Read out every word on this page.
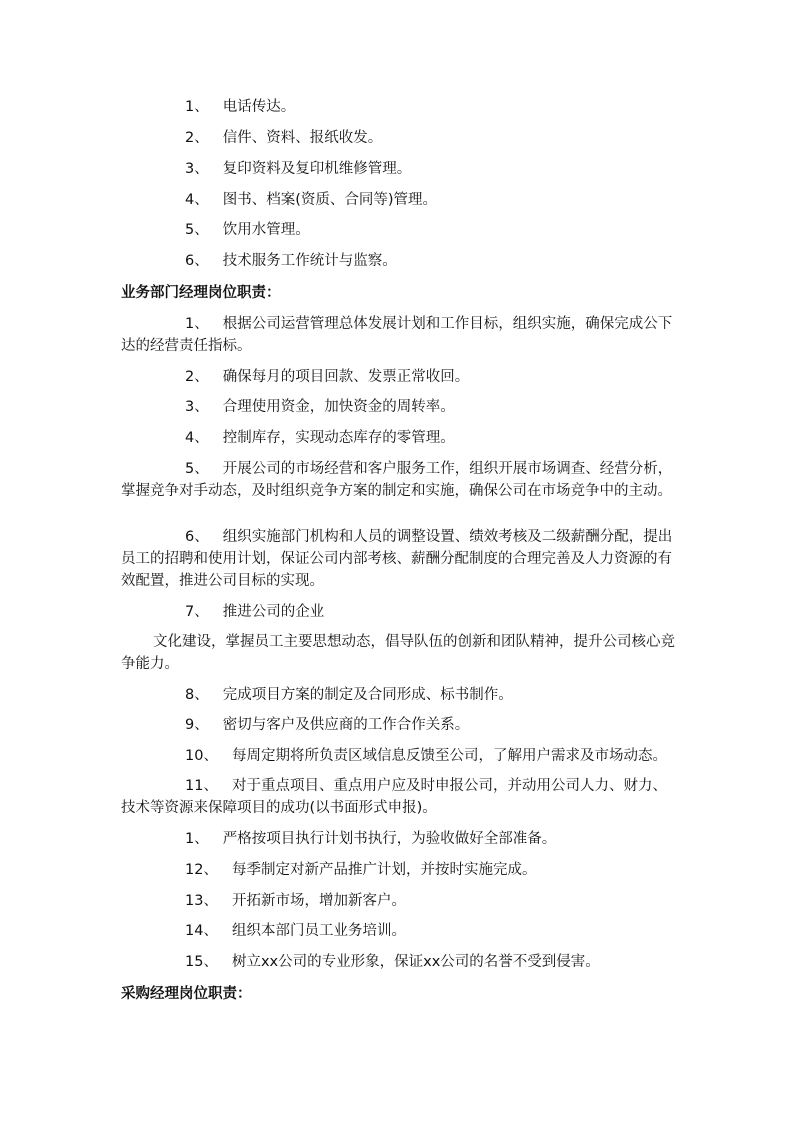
1、 电话传达。

2、 信件、资料、报纸收发。

3、 复印资料及复印机维修管理。

4、 图书、档案(资质、合同等)管理。

5、 饮用水管理。

6、 技术服务工作统计与监察。

业务部门经理岗位职责：

1、 根据公司运营管理总体发展计划和工作目标，组织实施，确保完成公下达的经营责任指标。

2、 确保每月的项目回款、发票正常收回。

3、 合理使用资金，加快资金的周转率。

4、 控制库存，实现动态库存的零管理。

5、 开展公司的市场经营和客户服务工作，组织开展市场调查、经营分析，掌握竞争对手动态，及时组织竞争方案的制定和实施，确保公司在市场竞争中的主动。

6、 组织实施部门机构和人员的调整设置、绩效考核及二级薪酬分配，提出员工的招聘和使用计划，保证公司内部考核、薪酬分配制度的合理完善及人力资源的有效配置，推进公司目标的实现。

7、 推进公司的企业

文化建设，掌握员工主要思想动态，倡导队伍的创新和团队精神，提升公司核心竞争能力。

8、 完成项目方案的制定及合同形成、标书制作。

9、 密切与客户及供应商的工作合作关系。

10、 每周定期将所负责区域信息反馈至公司，了解用户需求及市场动态。

11、 对于重点项目、重点用户应及时申报公司，并动用公司人力、财力、技术等资源来保障项目的成功(以书面形式申报)。

1、 严格按项目执行计划书执行，为验收做好全部准备。

12、 每季制定对新产品推广计划，并按时实施完成。

13、 开拓新市场，增加新客户。

14、 组织本部门员工业务培训。

15、 树立xx公司的专业形象，保证xx公司的名誉不受到侵害。

采购经理岗位职责：
